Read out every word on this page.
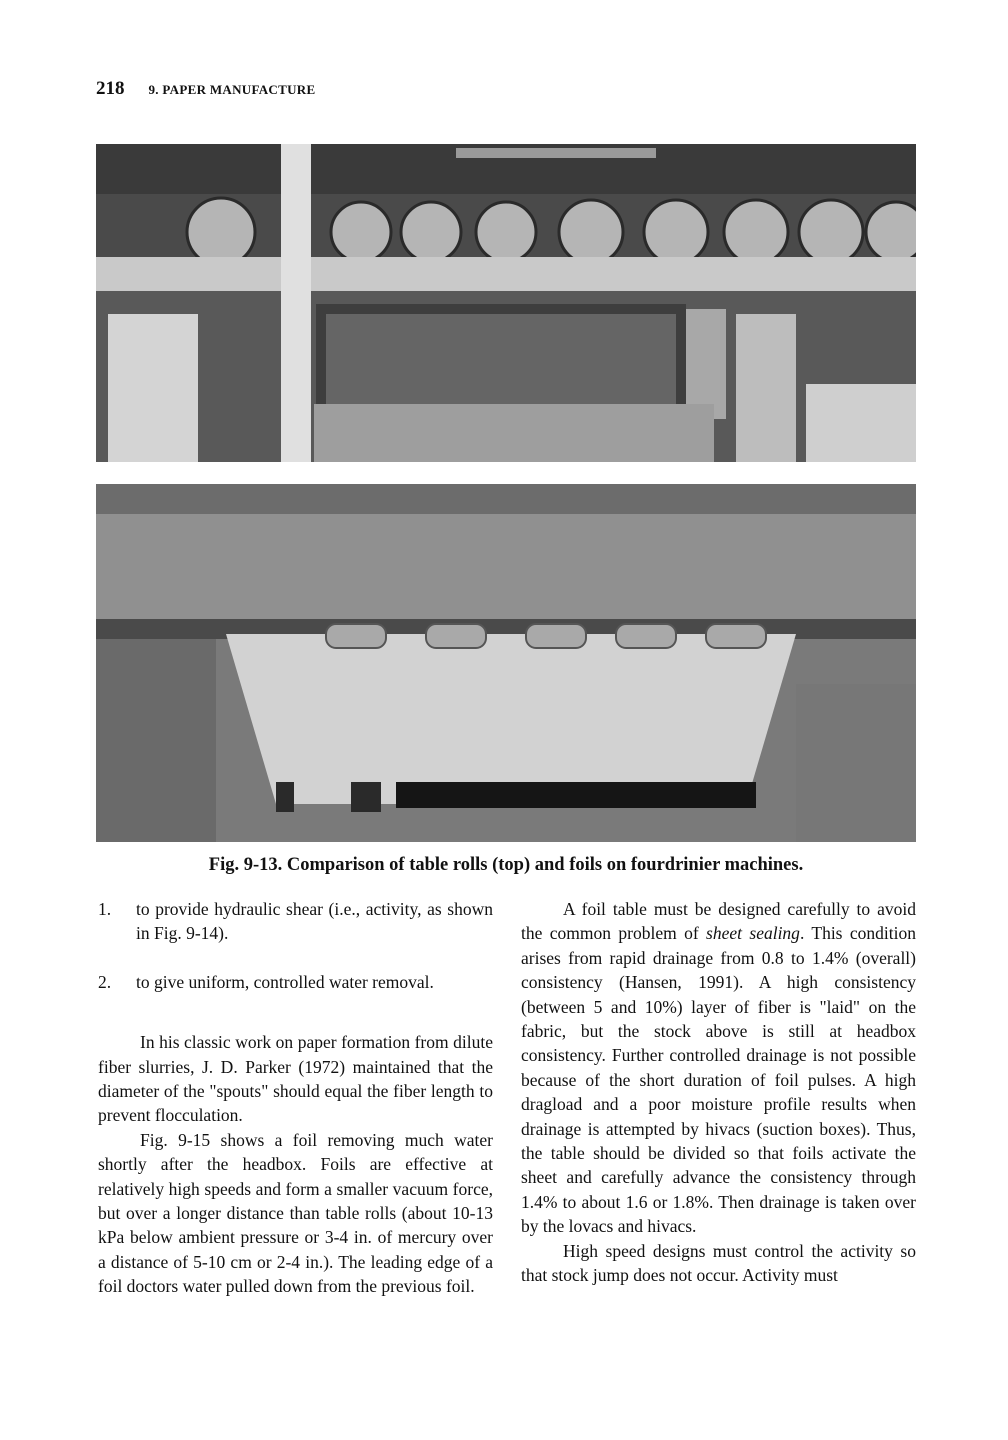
218 9. PAPER MANUFACTURE
Fig. 9-13. Comparison of table rolls (top) and foils on fourdrinier machines.
1.	to provide hydraulic shear (i.e., activity, as shown in Fig. 9-14).
2.	to give uniform, controlled water removal.

In his classic work on paper formation from dilute fiber slurries, J. D. Parker (1972) maintained that the diameter of the "spouts" should equal the fiber length to prevent flocculation.

Fig. 9-15 shows a foil removing much water shortly after the headbox. Foils are effective at relatively high speeds and form a smaller vacuum force, but over a longer distance than table rolls (about 10-13 kPa below ambient pressure or 3-4 in. of mercury over a distance of 5-10 cm or 2-4 in.). The leading edge of a foil doctors water pulled down from the previous foil.

A foil table must be designed carefully to avoid the common problem of sheet sealing. This condition arises from rapid drainage from 0.8 to 1.4% (overall) consistency (Hansen, 1991). A high consistency (between 5 and 10%) layer of fiber is "laid" on the fabric, but the stock above is still at headbox consistency. Further controlled drainage is not possible because of the short duration of foil pulses. A high dragload and a poor moisture profile results when drainage is attempted by hivacs (suction boxes). Thus, the table should be divided so that foils activate the sheet and carefully advance the consistency through 1.4% to about 1.6 or 1.8%. Then drainage is taken over by the lovacs and hivacs.

High speed designs must control the activity so that stock jump does not occur. Activity must
